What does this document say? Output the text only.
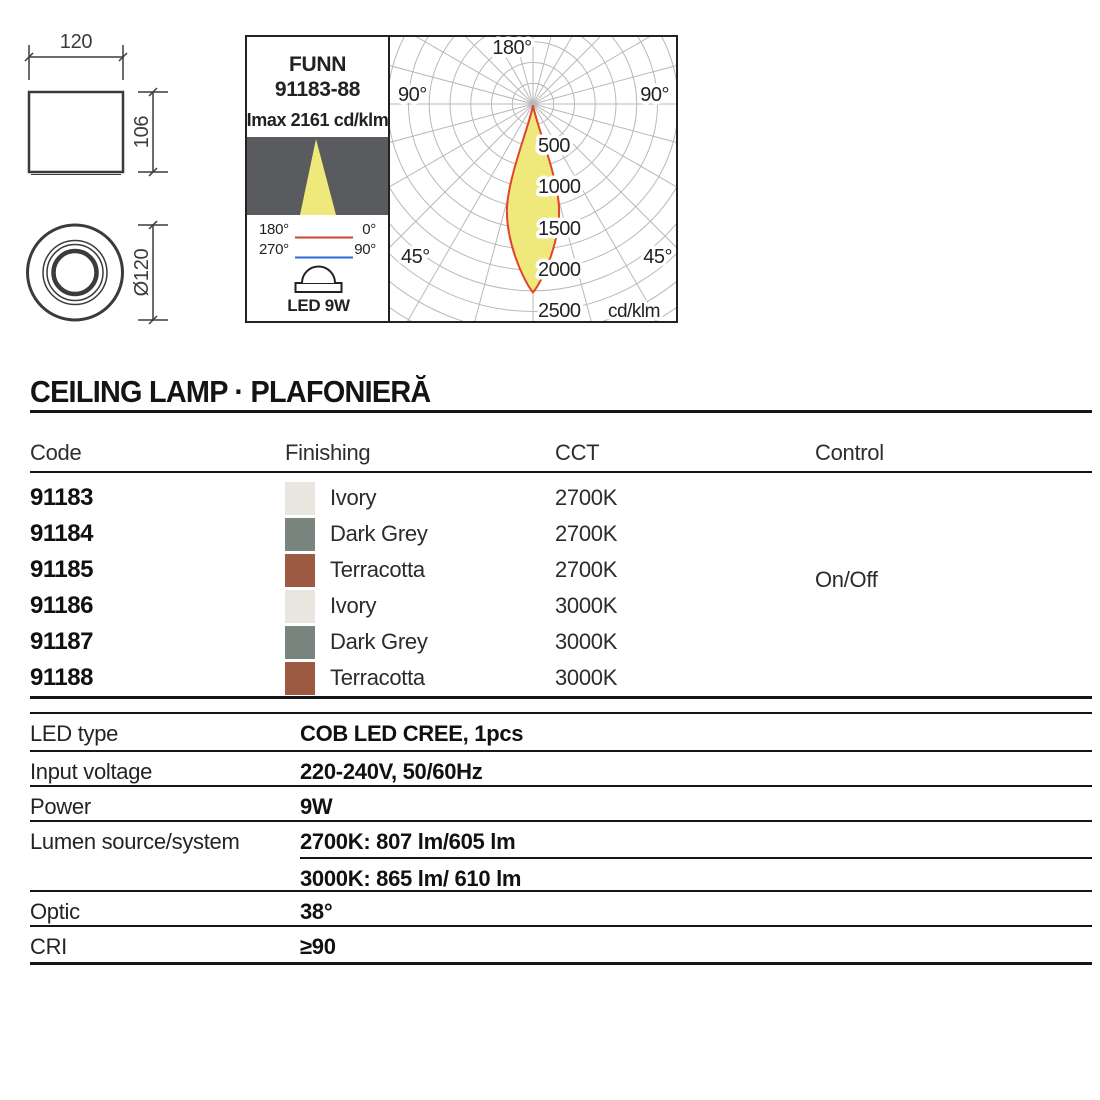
120
106
Ø120
FUNN
91183-88
Imax 2161 cd/klm
180°	0°
270°	90°
LED 9W
180°
90°	90°
45°	45°
500
1000
1500
2000
2500 cd/klm
CEILING LAMP · PLAFONIERĂ
Code	Finishing	CCT	Control
91183	Ivory	2700K
91184	Dark Grey	2700K
91185	Terracotta	2700K
91186	Ivory	3000K
91187	Dark Grey	3000K
91188	Terracotta	3000K
On/Off
LED type	COB LED CREE, 1pcs
Input voltage	220-240V, 50/60Hz
Power	9W
Lumen source/system	2700K: 807 lm/605 lm
3000K: 865 lm/ 610 lm
Optic	38°
CRI	≥90
